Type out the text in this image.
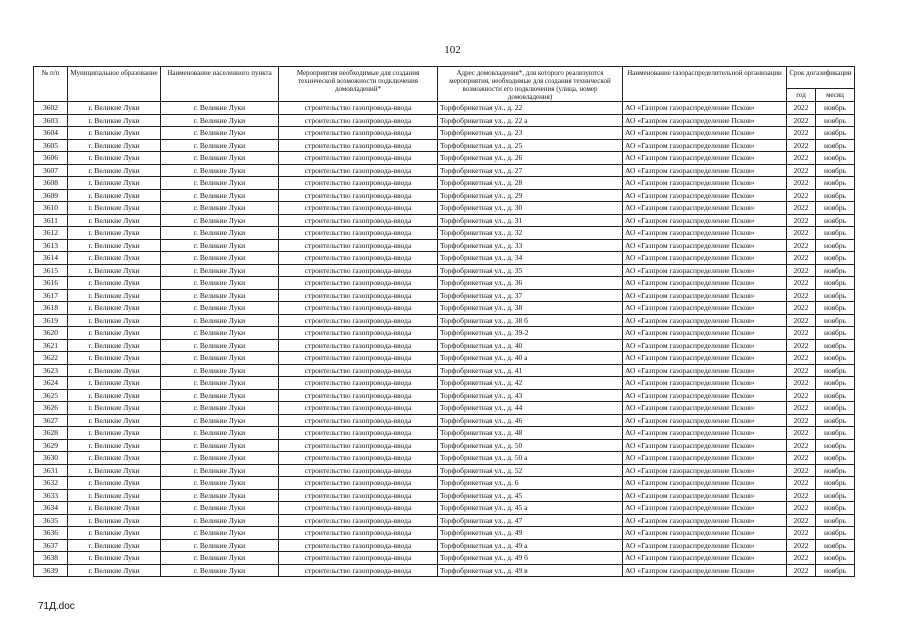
102
№ п/п	Муниципальное образование	Наименование населенного пункта	Мероприятия необходимые для создания технической возможности подключения домовладений*	Адрес домовладения*, для которого реализуются мероприятия, необходимые для создания технической возможности его подключения (улица, номер домовладения)	Наименование газораспределительной организации	Срок догазификации	
						год	месяц
3602	г. Великие Луки	г. Великие Луки	строительство газопровода-ввода	Торфобрикетная ул., д. 22	АО «Газпром газораспределение Псков»	2022	ноябрь
3603	г. Великие Луки	г. Великие Луки	строительство газопровода-ввода	Торфобрикетная ул., д. 22 а	АО «Газпром газораспределение Псков»	2022	ноябрь
3604	г. Великие Луки	г. Великие Луки	строительство газопровода-ввода	Торфобрикетная ул., д. 23	АО «Газпром газораспределение Псков»	2022	ноябрь
3605	г. Великие Луки	г. Великие Луки	строительство газопровода-ввода	Торфобрикетная ул., д. 25	АО «Газпром газораспределение Псков»	2022	ноябрь
3606	г. Великие Луки	г. Великие Луки	строительство газопровода-ввода	Торфобрикетная ул., д. 26	АО «Газпром газораспределение Псков»	2022	ноябрь
3607	г. Великие Луки	г. Великие Луки	строительство газопровода-ввода	Торфобрикетная ул., д. 27	АО «Газпром газораспределение Псков»	2022	ноябрь
3608	г. Великие Луки	г. Великие Луки	строительство газопровода-ввода	Торфобрикетная ул., д. 28	АО «Газпром газораспределение Псков»	2022	ноябрь
3609	г. Великие Луки	г. Великие Луки	строительство газопровода-ввода	Торфобрикетная ул., д. 29	АО «Газпром газораспределение Псков»	2022	ноябрь
3610	г. Великие Луки	г. Великие Луки	строительство газопровода-ввода	Торфобрикетная ул., д. 30	АО «Газпром газораспределение Псков»	2022	ноябрь
3611	г. Великие Луки	г. Великие Луки	строительство газопровода-ввода	Торфобрикетная ул., д. 31	АО «Газпром газораспределение Псков»	2022	ноябрь
3612	г. Великие Луки	г. Великие Луки	строительство газопровода-ввода	Торфобрикетная ул., д. 32	АО «Газпром газораспределение Псков»	2022	ноябрь
3613	г. Великие Луки	г. Великие Луки	строительство газопровода-ввода	Торфобрикетная ул., д. 33	АО «Газпром газораспределение Псков»	2022	ноябрь
3614	г. Великие Луки	г. Великие Луки	строительство газопровода-ввода	Торфобрикетная ул., д. 34	АО «Газпром газораспределение Псков»	2022	ноябрь
3615	г. Великие Луки	г. Великие Луки	строительство газопровода-ввода	Торфобрикетная ул., д. 35	АО «Газпром газораспределение Псков»	2022	ноябрь
3616	г. Великие Луки	г. Великие Луки	строительство газопровода-ввода	Торфобрикетная ул., д. 36	АО «Газпром газораспределение Псков»	2022	ноябрь
3617	г. Великие Луки	г. Великие Луки	строительство газопровода-ввода	Торфобрикетная ул., д. 37	АО «Газпром газораспределение Псков»	2022	ноябрь
3618	г. Великие Луки	г. Великие Луки	строительство газопровода-ввода	Торфобрикетная ул., д. 38	АО «Газпром газораспределение Псков»	2022	ноябрь
3619	г. Великие Луки	г. Великие Луки	строительство газопровода-ввода	Торфобрикетная ул., д. 38 б	АО «Газпром газораспределение Псков»	2022	ноябрь
3620	г. Великие Луки	г. Великие Луки	строительство газопровода-ввода	Торфобрикетная ул., д. 39-2	АО «Газпром газораспределение Псков»	2022	ноябрь
3621	г. Великие Луки	г. Великие Луки	строительство газопровода-ввода	Торфобрикетная ул., д. 40	АО «Газпром газораспределение Псков»	2022	ноябрь
3622	г. Великие Луки	г. Великие Луки	строительство газопровода-ввода	Торфобрикетная ул., д. 40 а	АО «Газпром газораспределение Псков»	2022	ноябрь
3623	г. Великие Луки	г. Великие Луки	строительство газопровода-ввода	Торфобрикетная ул., д. 41	АО «Газпром газораспределение Псков»	2022	ноябрь
3624	г. Великие Луки	г. Великие Луки	строительство газопровода-ввода	Торфобрикетная ул., д. 42	АО «Газпром газораспределение Псков»	2022	ноябрь
3625	г. Великие Луки	г. Великие Луки	строительство газопровода-ввода	Торфобрикетная ул., д. 43	АО «Газпром газораспределение Псков»	2022	ноябрь
3626	г. Великие Луки	г. Великие Луки	строительство газопровода-ввода	Торфобрикетная ул., д. 44	АО «Газпром газораспределение Псков»	2022	ноябрь
3627	г. Великие Луки	г. Великие Луки	строительство газопровода-ввода	Торфобрикетная ул., д. 46	АО «Газпром газораспределение Псков»	2022	ноябрь
3628	г. Великие Луки	г. Великие Луки	строительство газопровода-ввода	Торфобрикетная ул., д. 48	АО «Газпром газораспределение Псков»	2022	ноябрь
3629	г. Великие Луки	г. Великие Луки	строительство газопровода-ввода	Торфобрикетная ул., д. 50	АО «Газпром газораспределение Псков»	2022	ноябрь
3630	г. Великие Луки	г. Великие Луки	строительство газопровода-ввода	Торфобрикетная ул., д. 50 а	АО «Газпром газораспределение Псков»	2022	ноябрь
3631	г. Великие Луки	г. Великие Луки	строительство газопровода-ввода	Торфобрикетная ул., д. 52	АО «Газпром газораспределение Псков»	2022	ноябрь
3632	г. Великие Луки	г. Великие Луки	строительство газопровода-ввода	Торфобрикетная ул., д. 6	АО «Газпром газораспределение Псков»	2022	ноябрь
3633	г. Великие Луки	г. Великие Луки	строительство газопровода-ввода	Торфобрикетная ул., д. 45	АО «Газпром газораспределение Псков»	2022	ноябрь
3634	г. Великие Луки	г. Великие Луки	строительство газопровода-ввода	Торфобрикетная ул., д. 45 а	АО «Газпром газораспределение Псков»	2022	ноябрь
3635	г. Великие Луки	г. Великие Луки	строительство газопровода-ввода	Торфобрикетная ул., д. 47	АО «Газпром газораспределение Псков»	2022	ноябрь
3636	г. Великие Луки	г. Великие Луки	строительство газопровода-ввода	Торфобрикетная ул., д. 49	АО «Газпром газораспределение Псков»	2022	ноябрь
3637	г. Великие Луки	г. Великие Луки	строительство газопровода-ввода	Торфобрикетная ул., д. 49 а	АО «Газпром газораспределение Псков»	2022	ноябрь
3638	г. Великие Луки	г. Великие Луки	строительство газопровода-ввода	Торфобрикетная ул., д. 49 б	АО «Газпром газораспределение Псков»	2022	ноябрь
3639	г. Великие Луки	г. Великие Луки	строительство газопровода-ввода	Торфобрикетная ул., д. 49 в	АО «Газпром газораспределение Псков»	2022	ноябрь
71Д.doc
